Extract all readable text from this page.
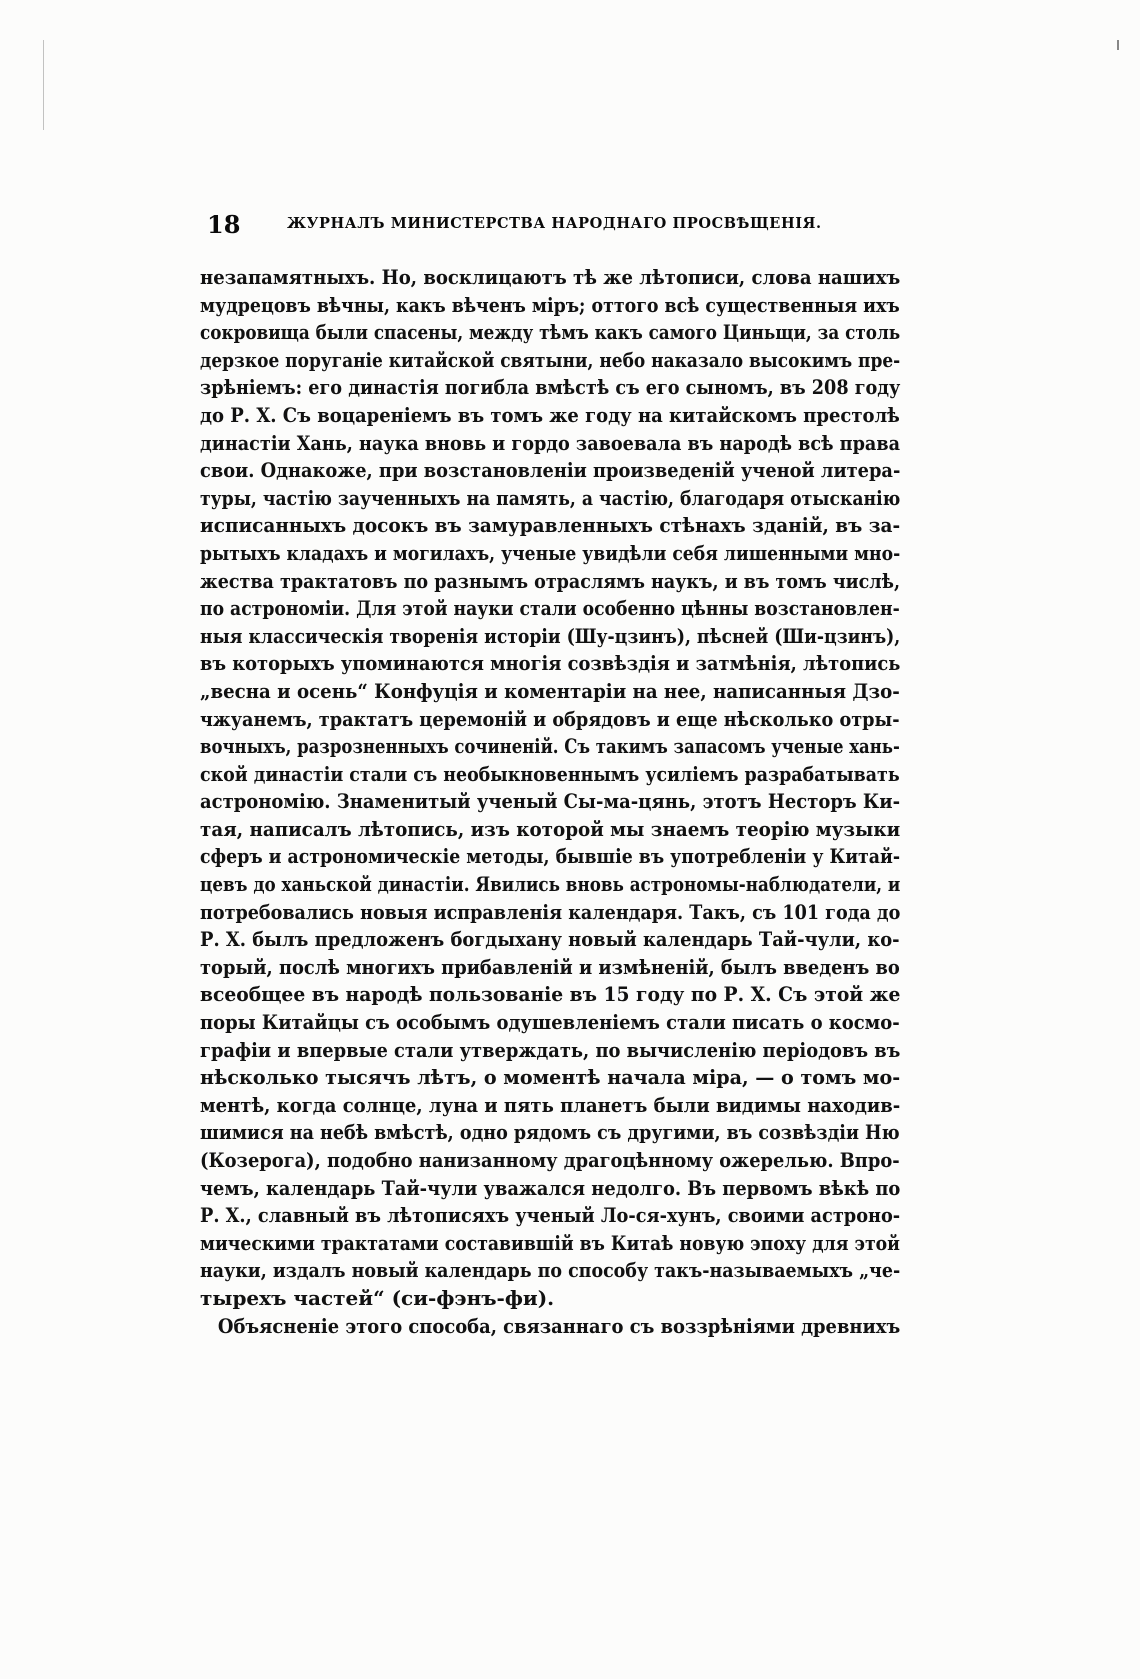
18	ЖУРНАЛЪ МИНИСТЕРСТВА НАРОДНАГО ПРОСВѢЩЕНІЯ.
незапамятныхъ. Но, восклицаютъ тѣ же лѣтописи, слова нашихъ
мудрецовъ вѣчны, какъ вѣченъ міръ; оттого всѣ существенныя ихъ
сокровища были спасены, между тѣмъ какъ самого Циньщи, за столь
дерзкое поруганіе китайской святыни, небо наказало высокимъ пре-
зрѣніемъ: его династія погибла вмѣстѣ съ его сыномъ, въ 208 году
до Р. Х. Съ воцареніемъ въ томъ же году на китайскомъ престолѣ
династіи Хань, наука вновь и гордо завоевала въ народѣ всѣ права
свои. Однакоже, при возстановленіи произведеній ученой литера-
туры, частію заученныхъ на память, а частію, благодаря отысканію
исписанныхъ досокъ въ замуравленныхъ стѣнахъ зданій, въ за-
рытыхъ кладахъ и могилахъ, ученые увидѣли себя лишенными мно-
жества трактатовъ по разнымъ отраслямъ наукъ, и въ томъ числѣ,
по астрономіи. Для этой науки стали особенно цѣнны возстановлен-
ныя классическія творенія исторіи (Шу-цзинъ), пѣсней (Ши-цзинъ),
въ которыхъ упоминаются многія созвѣздія и затмѣнія, лѣтопись
„весна и осень“ Конфуція и коментаріи на нее, написанныя Дзо-
чжуанемъ, трактатъ церемоній и обрядовъ и еще нѣсколько отры-
вочныхъ, разрозненныхъ сочиненій. Съ такимъ запасомъ ученые хань-
ской династіи стали съ необыкновеннымъ усиліемъ разрабатывать
астрономію. Знаменитый ученый Сы-ма-цянь, этотъ Несторъ Ки-
тая, написалъ лѣтопись, изъ которой мы знаемъ теорію музыки
сферъ и астрономическіе методы, бывшіе въ употребленіи у Китай-
цевъ до ханьской династіи. Явились вновь астрономы-наблюдатели, и
потребовались новыя исправленія календаря. Такъ, съ 101 года до
Р. Х. былъ предложенъ богдыхану новый календарь Тай-чули, ко-
торый, послѣ многихъ прибавленій и измѣненій, былъ введенъ во
всеобщее въ народѣ пользованіе въ 15 году по Р. Х. Съ этой же
поры Китайцы съ особымъ одушевленіемъ стали писать о космо-
графіи и впервые стали утверждать, по вычисленію періодовъ въ
нѣсколько тысячъ лѣтъ, о моментѣ начала міра, — о томъ мо-
ментѣ, когда солнце, луна и пять планетъ были видимы находив-
шимися на небѣ вмѣстѣ, одно рядомъ съ другими, въ созвѣздіи Ню
(Козерога), подобно нанизанному драгоцѣнному ожерелью. Впро-
чемъ, календарь Тай-чули уважался недолго. Въ первомъ вѣкѣ по
Р. Х., славный въ лѣтописяхъ ученый Ло-ся-хунъ, своими астроно-
мическими трактатами составившій въ Китаѣ новую эпоху для этой
науки, издалъ новый календарь по способу такъ-называемыхъ „че-
тырехъ частей“ (си-фэнъ-фи).
Объясненіе этого способа, связаннаго съ воззрѣніями древнихъ
